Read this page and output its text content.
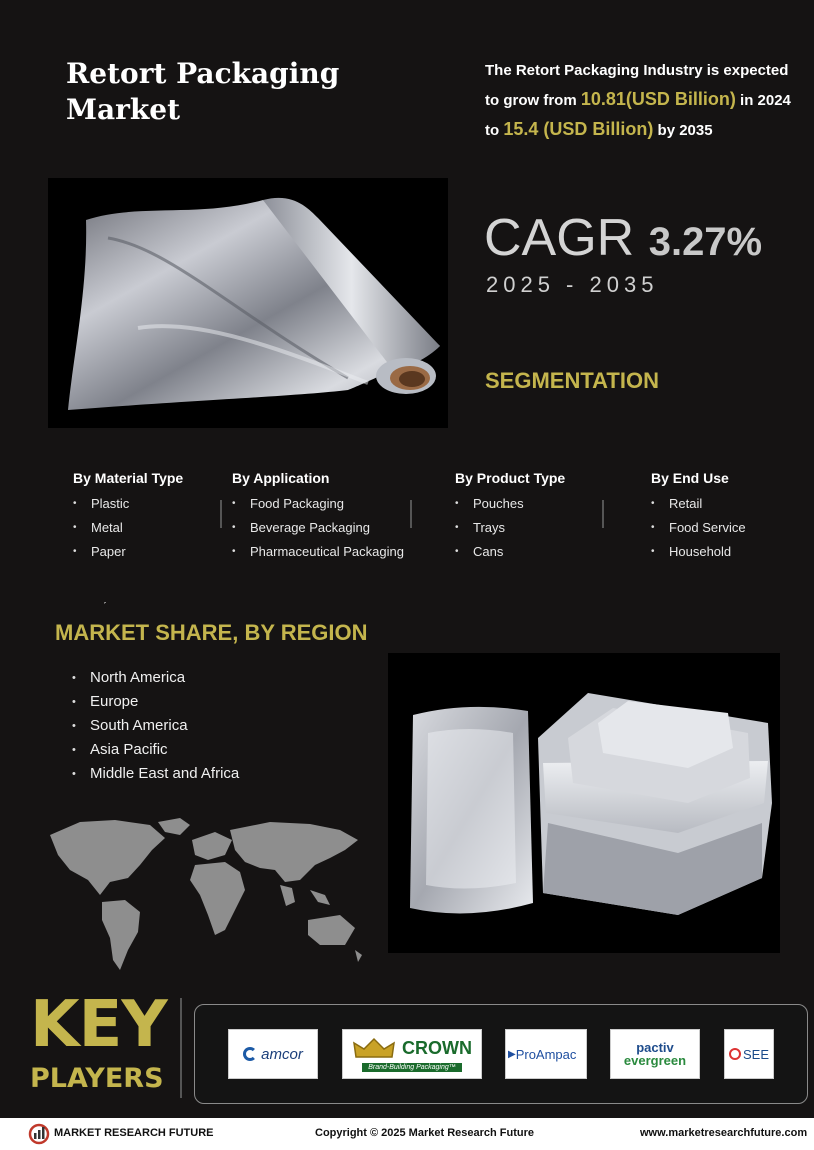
Retort Packaging
Market
The Retort Packaging Industry is expected to grow from 10.81(USD Billion) in 2024 to 15.4 (USD Billion) by 2035
CAGR 3.27%
2025 - 2035
SEGMENTATION
By Material Type
• Plastic
• Metal
• Paper
By Application
• Food Packaging
• Beverage Packaging
• Pharmaceutical Packaging
By Product Type
• Pouches
• Trays
• Cans
By End Use
• Retail
• Food Service
• Household
ˊ
MARKET SHARE, BY REGION
• North America
• Europe
• South America
• Asia Pacific
• Middle East and Africa
KEY
PLAYERS
amcor	CROWN
Brand-Building Packaging™
▶ ProAmpac	pactiv
evergreen	SEE
MARKET RESEARCH FUTURE	Copyright © 2025 Market Research Future	www.marketresearchfuture.com
